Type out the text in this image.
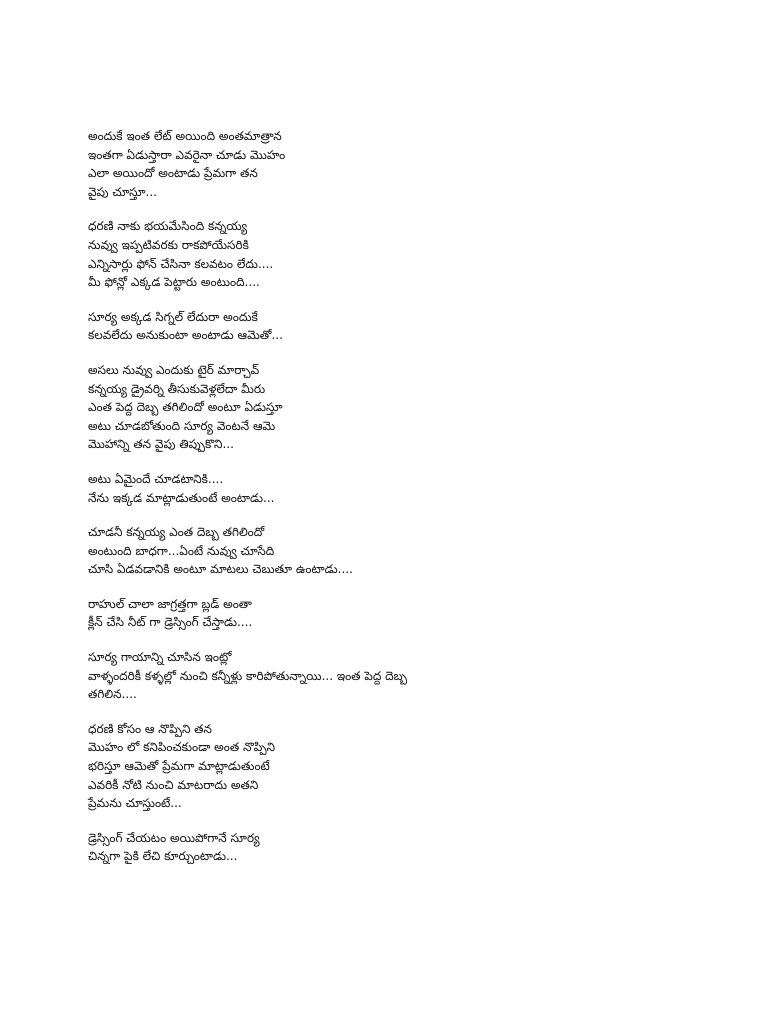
అందుకే ఇంత లేట్ అయింది అంతమాత్రాన
ఇంతగా ఏడుస్తారా ఎవరైనా చూడు మొహం
ఎలా అయిందో అంటాడు ప్రేమగా తన
వైపు చూస్తూ...
ధరణి నాకు భయమేసింది కన్నయ్య
నువ్వు ఇప్పటివరకు రాకపోయేసరికి
ఎన్నిసార్లు ఫోన్ చేసినా కలవటం లేదు....
మీ ఫోన్లో ఎక్కడ పెట్టారు అంటుంది....
సూర్య అక్కడ సిగ్నల్ లేదురా అందుకే
కలవలేదు అనుకుంటా అంటాడు ఆమెతో...
అసలు నువ్వు ఎందుకు టైర్ మార్చావ్
కన్నయ్య డ్రైవర్ని తీసుకువెళ్లలేదా మీరు
ఎంత పెద్ద దెబ్బ తగిలిందో అంటూ ఏడుస్తూ
అటు చూడబోతుంది సూర్య వెంటనే ఆమె
మొహాన్ని తన వైపు తిప్పుకొని...
అటు ఏమైందే చూడటానికి....
నేను ఇక్కడ మాట్లాడుతుంటే అంటాడు...
చూడనీ కన్నయ్య ఎంత దెబ్బ తగిలిందో
అంటుంది బాధగా...ఏంటే నువ్వు చూసేది
చూసి ఏడవడానికి అంటూ మాటలు చెబుతూ ఉంటాడు....
రాహుల్ చాలా జాగ్రత్తగా బ్లడ్ అంతా
క్లీన్ చేసి నీట్ గా డ్రెస్సింగ్ చేస్తాడు....
సూర్య గాయాన్ని చూసిన ఇంట్లో
వాళ్ళందరికీ కళ్ళల్లో నుంచి కన్నీళ్లు కారిపోతున్నాయి... ఇంత పెద్ద దెబ్బ
తగిలిన....
ధరణి కోసం ఆ నొప్పిని తన
మొహం లో కనిపించకుండా అంత నొప్పిని
భరిస్తూ ఆమెతో ప్రేమగా మాట్లాడుతుంటే
ఎవరికీ నోటి నుంచి మాటరాదు అతని
ప్రేమను చూస్తుంటే...
డ్రెస్సింగ్ చేయటం అయిపోగానే సూర్య
చిన్నగా పైకి లేచి కూర్చుంటాడు...
